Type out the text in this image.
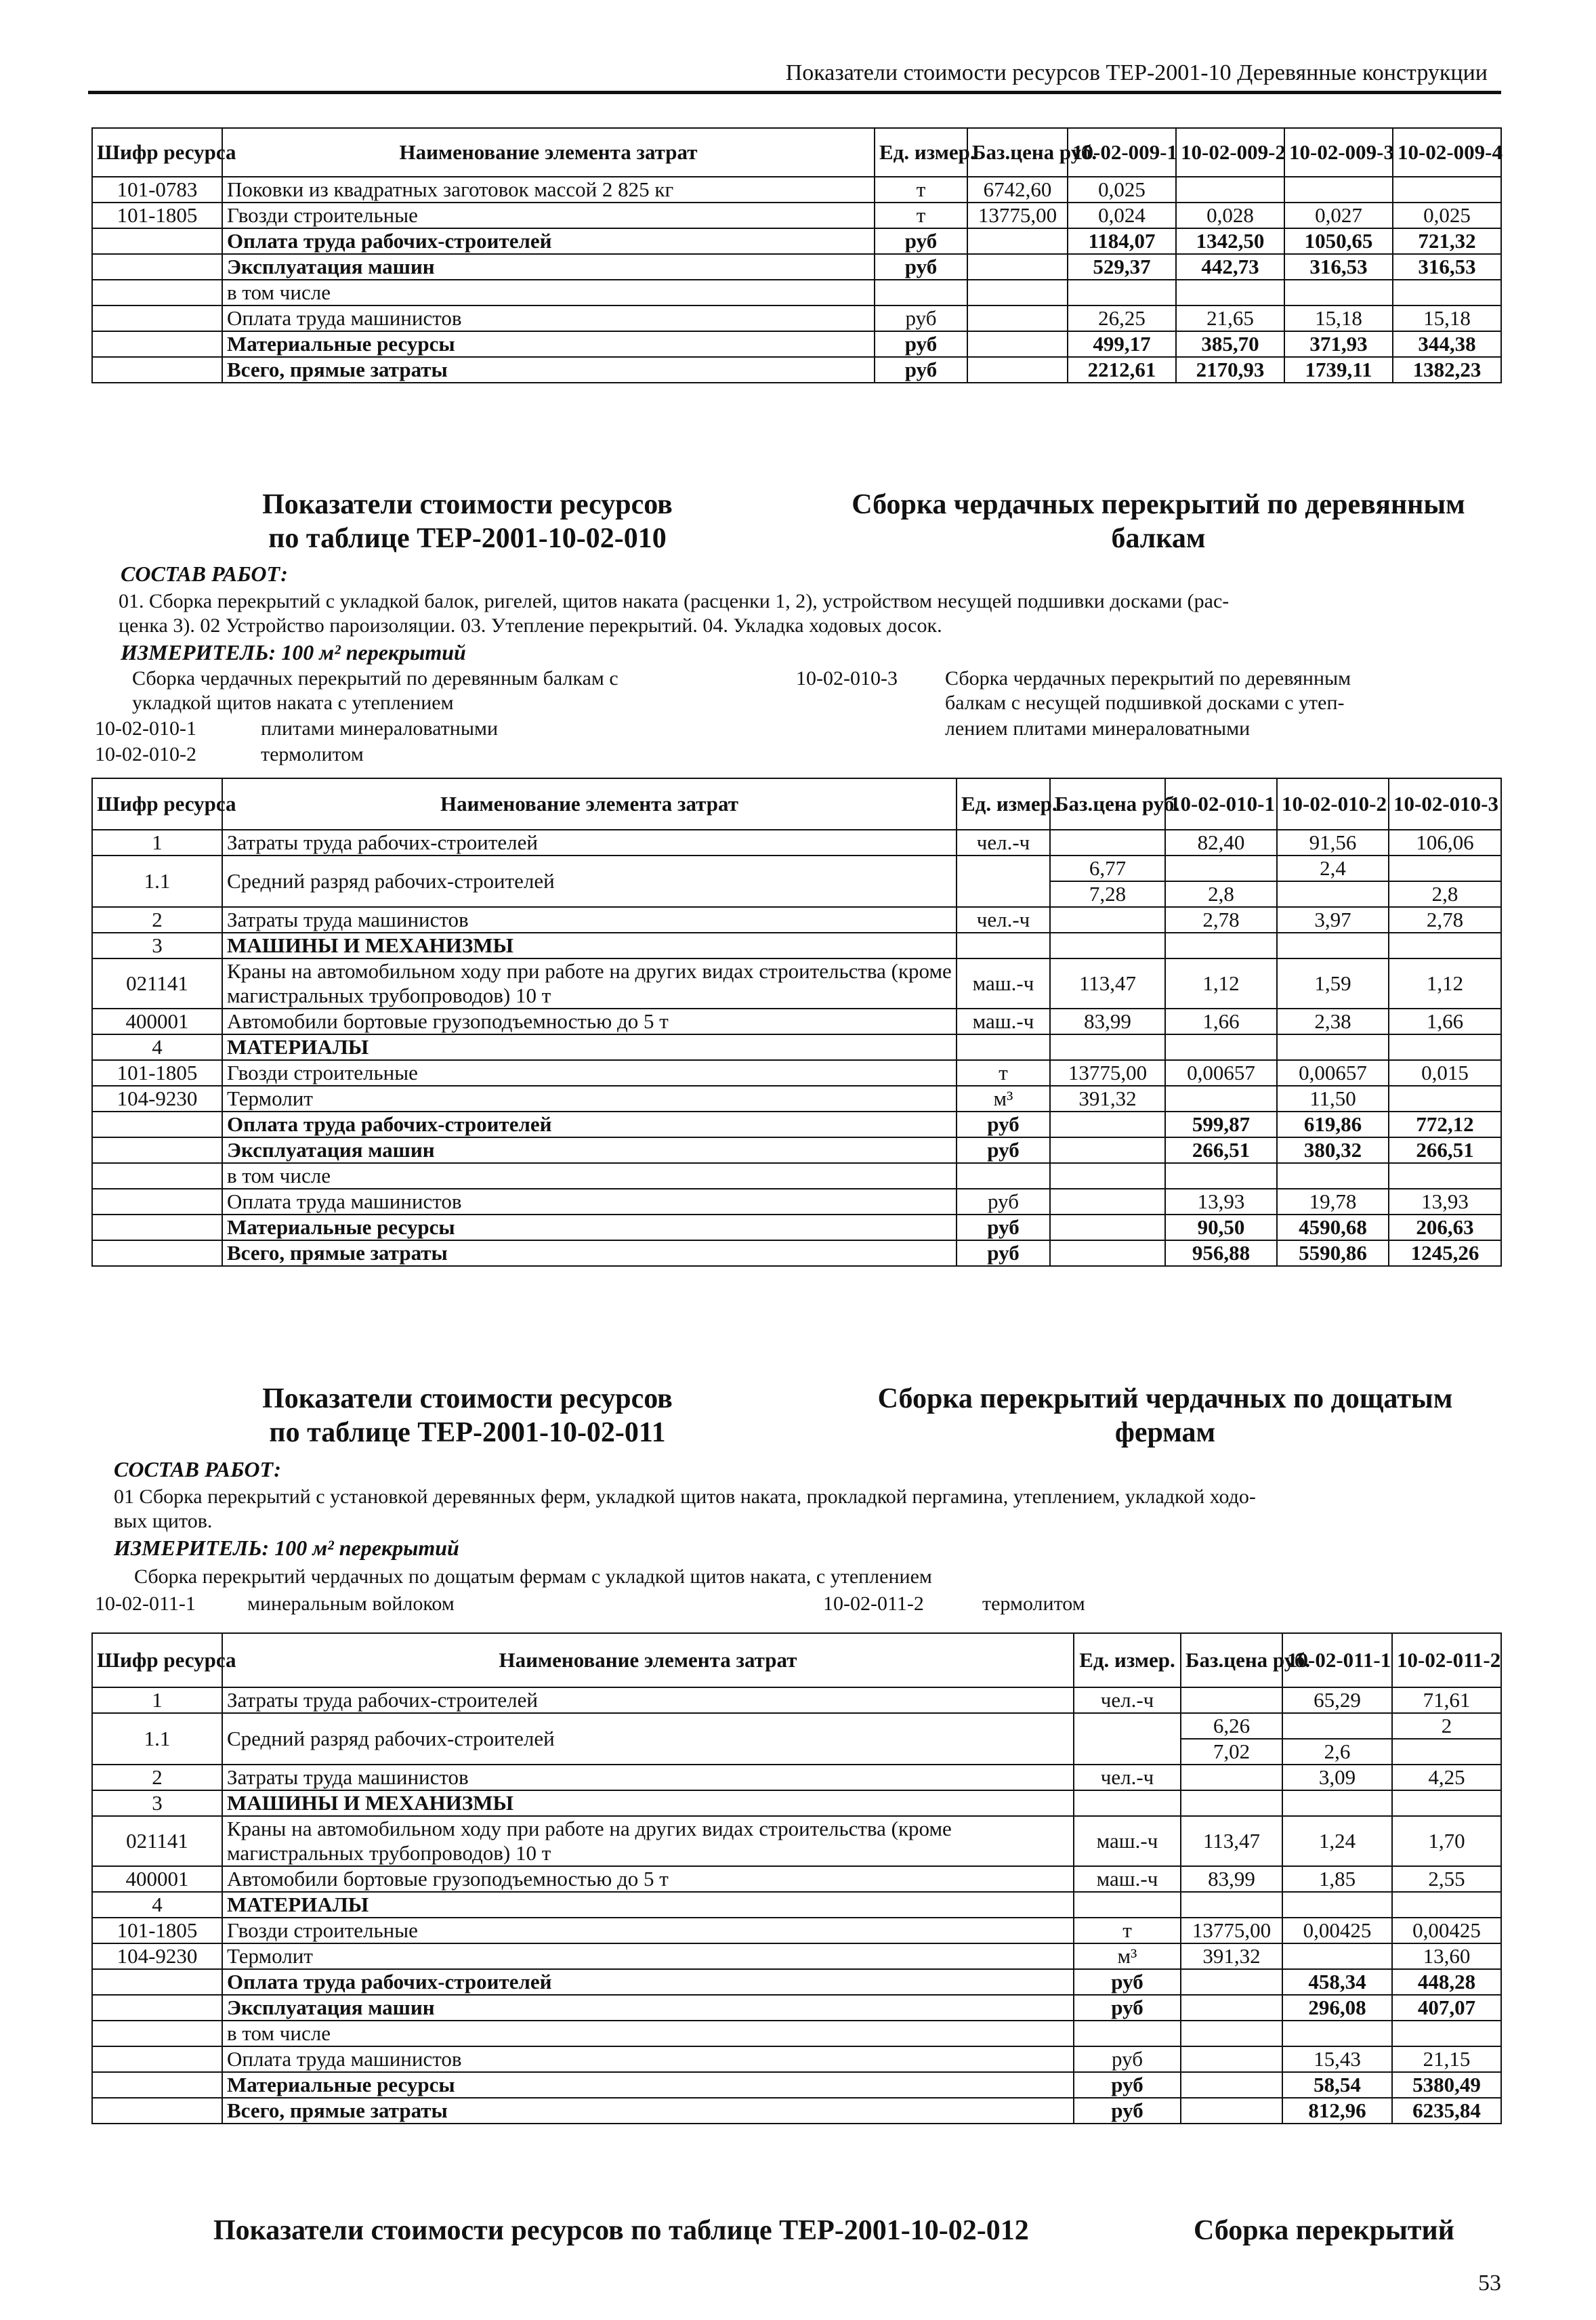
Показатели стоимости ресурсов ТЕР-2001-10 Деревянные конструкции
Шифр ресурса	Наименование элемента затрат	Ед. измер.	Баз.цена руб.	10-02-009-1	10-02-009-2	10-02-009-3	10-02-009-4
101-0783	Поковки из квадратных заготовок массой 2 825 кг	т	6742,60	0,025			
101-1805	Гвозди строительные	т	13775,00	0,024	0,028	0,027	0,025
	Оплата труда рабочих-строителей	руб		1184,07	1342,50	1050,65	721,32
	Эксплуатация машин	руб		529,37	442,73	316,53	316,53
	в том числе						
	Оплата труда машинистов	руб		26,25	21,65	15,18	15,18
	Материальные ресурсы	руб		499,17	385,70	371,93	344,38
	Всего, прямые затраты	руб		2212,61	2170,93	1739,11	1382,23
Показатели стоимости ресурсов
по таблице ТЕР-2001-10-02-010
Сборка чердачных перекрытий по деревянным
балкам
СОСТАВ РАБОТ:
01. Сборка перекрытий с укладкой балок, ригелей, щитов наката (расценки 1, 2), устройством несущей подшивки досками (рас-
ценка 3). 02 Устройство пароизоляции. 03. Утепление перекрытий. 04. Укладка ходовых досок.
ИЗМЕРИТЕЛЬ: 100 м² перекрытий
Сборка чердачных перекрытий по деревянным балкам с
укладкой щитов наката с утеплением
10-02-010-1	плитами минераловатными
10-02-010-2	термолитом
10-02-010-3 Сборка чердачных перекрытий по деревянным
балкам с несущей подшивкой досками с утеп-
лением плитами минераловатными
Шифр ресурса	Наименование элемента затрат	Ед. измер.	Баз.цена руб.	10-02-010-1	10-02-010-2	10-02-010-3
1	Затраты труда рабочих-строителей	чел.-ч		82,40	91,56	106,06
1.1	Средний разряд рабочих-строителей		6,77		2,4	
			7,28	2,8		2,8
2	Затраты труда машинистов	чел.-ч		2,78	3,97	2,78
3	МАШИНЫ И МЕХАНИЗМЫ					
021141	Краны на автомобильном ходу при работе на других видах строительства (кроме магистральных трубопроводов) 10 т	маш.-ч	113,47	1,12	1,59	1,12
400001	Автомобили бортовые грузоподъемностью до 5 т	маш.-ч	83,99	1,66	2,38	1,66
4	МАТЕРИАЛЫ					
101-1805	Гвозди строительные	т	13775,00	0,00657	0,00657	0,015
104-9230	Термолит	м³	391,32		11,50	
	Оплата труда рабочих-строителей	руб		599,87	619,86	772,12
	Эксплуатация машин	руб		266,51	380,32	266,51
	в том числе					
	Оплата труда машинистов	руб		13,93	19,78	13,93
	Материальные ресурсы	руб		90,50	4590,68	206,63
	Всего, прямые затраты	руб		956,88	5590,86	1245,26
Показатели стоимости ресурсов
по таблице ТЕР-2001-10-02-011
Сборка перекрытий чердачных по дощатым
фермам
СОСТАВ РАБОТ:
01 Сборка перекрытий с установкой деревянных ферм, укладкой щитов наката, прокладкой пергамина, утеплением, укладкой ходо-
вых щитов.
ИЗМЕРИТЕЛЬ: 100 м² перекрытий
Сборка перекрытий чердачных по дощатым фермам с укладкой щитов наката, с утеплением
10-02-011-1	минеральным войлоком	10-02-011-2	термолитом
Шифр ресурса	Наименование элемента затрат	Ед. измер.	Баз.цена руб.	10-02-011-1	10-02-011-2
1	Затраты труда рабочих-строителей	чел.-ч		65,29	71,61
1.1	Средний разряд рабочих-строителей		6,26		2
			7,02	2,6	
2	Затраты труда машинистов	чел.-ч		3,09	4,25
3	МАШИНЫ И МЕХАНИЗМЫ				
021141	Краны на автомобильном ходу при работе на других видах строительства (кроме магистральных трубопроводов) 10 т	маш.-ч	113,47	1,24	1,70
400001	Автомобили бортовые грузоподъемностью до 5 т	маш.-ч	83,99	1,85	2,55
4	МАТЕРИАЛЫ				
101-1805	Гвозди строительные	т	13775,00	0,00425	0,00425
104-9230	Термолит	м³	391,32		13,60
	Оплата труда рабочих-строителей	руб		458,34	448,28
	Эксплуатация машин	руб		296,08	407,07
	в том числе				
	Оплата труда машинистов	руб		15,43	21,15
	Материальные ресурсы	руб		58,54	5380,49
	Всего, прямые затраты	руб		812,96	6235,84
Показатели стоимости ресурсов по таблице ТЕР-2001-10-02-012	Сборка перекрытий
53
